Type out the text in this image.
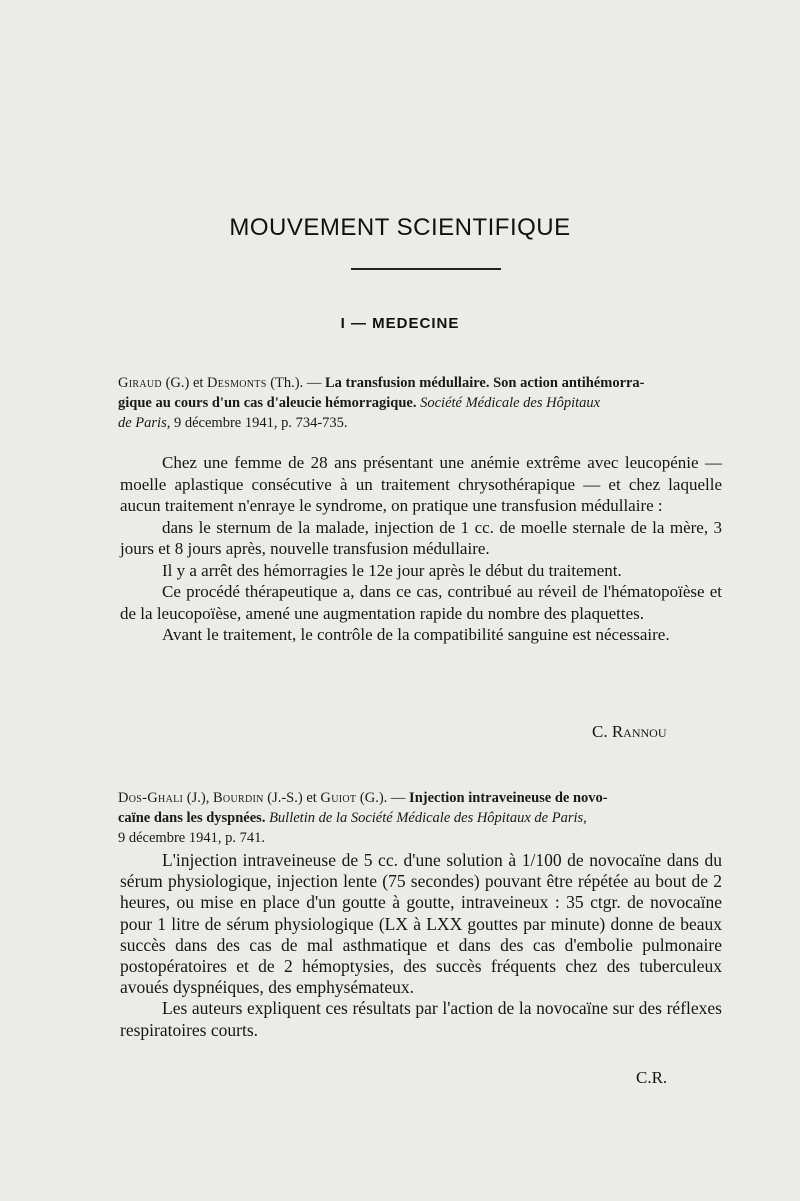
MOUVEMENT SCIENTIFIQUE
I — MEDECINE
Giraud (G.) et Desmonts (Th.). — La transfusion médullaire. Son action antihémorra-
gique au cours d'un cas d'aleucie hémorragique. Société Médicale des Hôpitaux
de Paris, 9 décembre 1941, p. 734-735.

Chez une femme de 28 ans présentant une anémie extrême avec leucopénie — moelle aplastique consécutive à un traitement chrysothérapique — et chez laquelle aucun traitement n'enraye le syndrome, on pratique une transfusion médullaire :

dans le sternum de la malade, injection de 1 cc. de moelle sternale de la mère, 3 jours et 8 jours après, nouvelle transfusion médullaire.

Il y a arrêt des hémorragies le 12e jour après le début du traitement.

Ce procédé thérapeutique a, dans ce cas, contribué au réveil de l'hématopoïèse et de la leucopoïèse, amené une augmentation rapide du nombre des plaquettes.

Avant le traitement, le contrôle de la compatibilité sanguine est nécessaire.

C. Rannou
Dos-Ghali (J.), Bourdin (J.-S.) et Guiot (G.). — Injection intraveineuse de novo-
caïne dans les dyspnées. Bulletin de la Société Médicale des Hôpitaux de Paris,
9 décembre 1941, p. 741.

L'injection intraveineuse de 5 cc. d'une solution à 1/100 de novocaïne dans du sérum physiologique, injection lente (75 secondes) pouvant être répétée au bout de 2 heures, ou mise en place d'un goutte à goutte, intraveineux : 35 ctgr. de novocaïne pour 1 litre de sérum physiologique (LX à LXX gouttes par minute) donne de beaux succès dans des cas de mal asthmatique et dans des cas d'embolie pulmonaire postopératoires et de 2 hémoptysies, des succès fréquents chez des tuberculeux avoués dyspnéiques, des emphysémateux.

Les auteurs expliquent ces résultats par l'action de la novocaïne sur des réflexes respiratoires courts.

C.R.
